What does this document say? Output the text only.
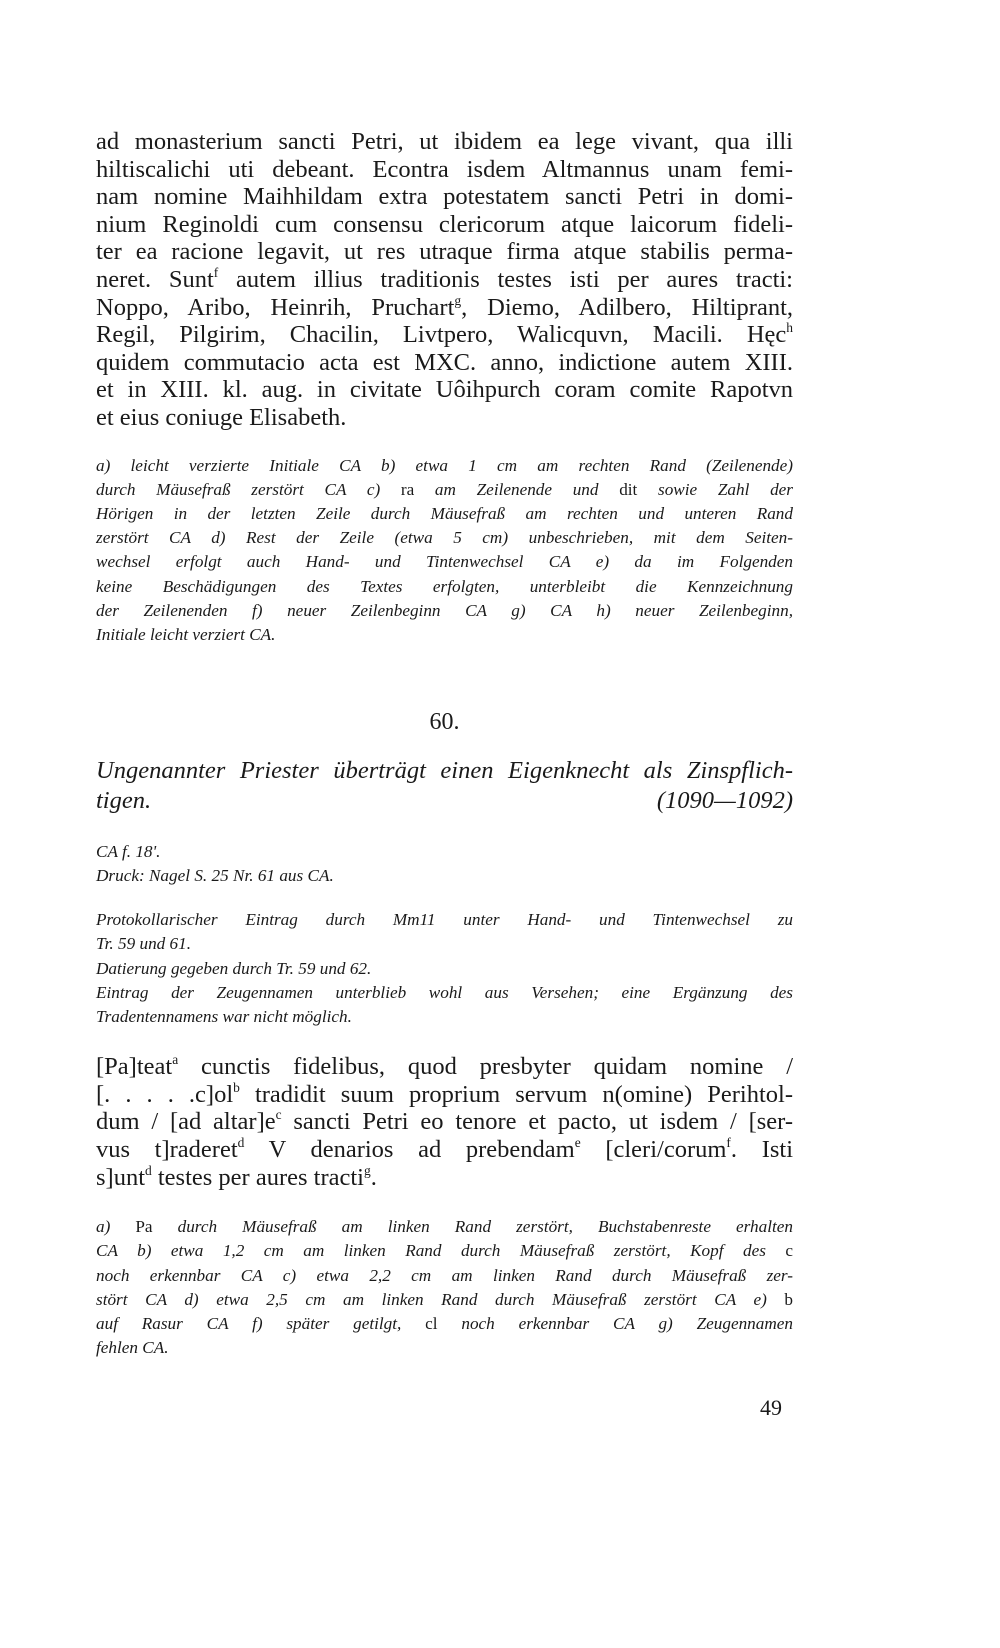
ad monasterium sancti Petri, ut ibidem ea lege vivant, qua illi
hiltiscalichi uti debeant. Econtra isdem Altmannus unam femi-
nam nomine Maihhildam extra potestatem sancti Petri in domi-
nium Reginoldi cum consensu clericorum atque laicorum fideli-
ter ea racione legavit, ut res utraque firma atque stabilis perma-
neret. Sunt$^f$ autem illius traditionis testes isti per aures tracti:
Noppo, Aribo, Heinrih, Pruchart$^g$, Diemo, Adilbero, Hiltiprant,
Regil, Pilgirim, Chacilin, Livtpero, Walicquvn, Macili. Hęc$^h$
quidem commutacio acta est MXC. anno, indictione autem XIII.
et in XIII. kl. aug. in civitate Uôihpurch coram comite Rapotvn
et eius coniuge Elisabeth.
a) leicht verzierte Initiale CA b) etwa 1 cm am rechten Rand (Zeilenende)
durch Mäusefraß zerstört CA c) ra am Zeilenende und dit sowie Zahl der
Hörigen in der letzten Zeile durch Mäusefraß am rechten und unteren Rand
zerstört CA d) Rest der Zeile (etwa 5 cm) unbeschrieben, mit dem Seiten-
wechsel erfolgt auch Hand- und Tintenwechsel CA e) da im Folgenden
keine Beschädigungen des Textes erfolgten, unterbleibt die Kennzeichnung
der Zeilenenden f) neuer Zeilenbeginn CA g) CA h) neuer Zeilenbeginn,
Initiale leicht verziert CA.
60.
Ungenannter Priester überträgt einen Eigenknecht als Zinspflich-
tigen.	(1090—1092)
CA f. 18'.
Druck: Nagel S. 25 Nr. 61 aus CA.
Protokollarischer Eintrag durch Mm11 unter Hand- und Tintenwechsel zu
Tr. 59 und 61.
Datierung gegeben durch Tr. 59 und 62.
Eintrag der Zeugennamen unterblieb wohl aus Versehen; eine Ergänzung des
Tradentennamens war nicht möglich.
[Pa]teat$^a$ cunctis fidelibus, quod presbyter quidam nomine /
[. . . . $.c]ol^b$ tradidit suum proprium servum n(omine) Perihtol-
dum / [ad $altar]e^c$ sancti Petri eo tenore et pacto, ut isdem / [ser-
vus t]raderet$^d$ V denarios ad prebendam$^e$ [cleri/corum$^f$. Isti
s]unt$^d$ testes per aures tracti$^g$.
a) Pa durch Mäusefraß am linken Rand zerstört, Buchstabenreste erhalten
CA b) etwa 1,2 cm am linken Rand durch Mäusefraß zerstört, Kopf des c
noch erkennbar CA c) etwa 2,2 cm am linken Rand durch Mäusefraß zer-
stört CA d) etwa 2,5 cm am linken Rand durch Mäusefraß zerstört CA e) b
auf Rasur CA f) später getilgt, cl noch erkennbar CA g) Zeugennamen
fehlen CA.
49
